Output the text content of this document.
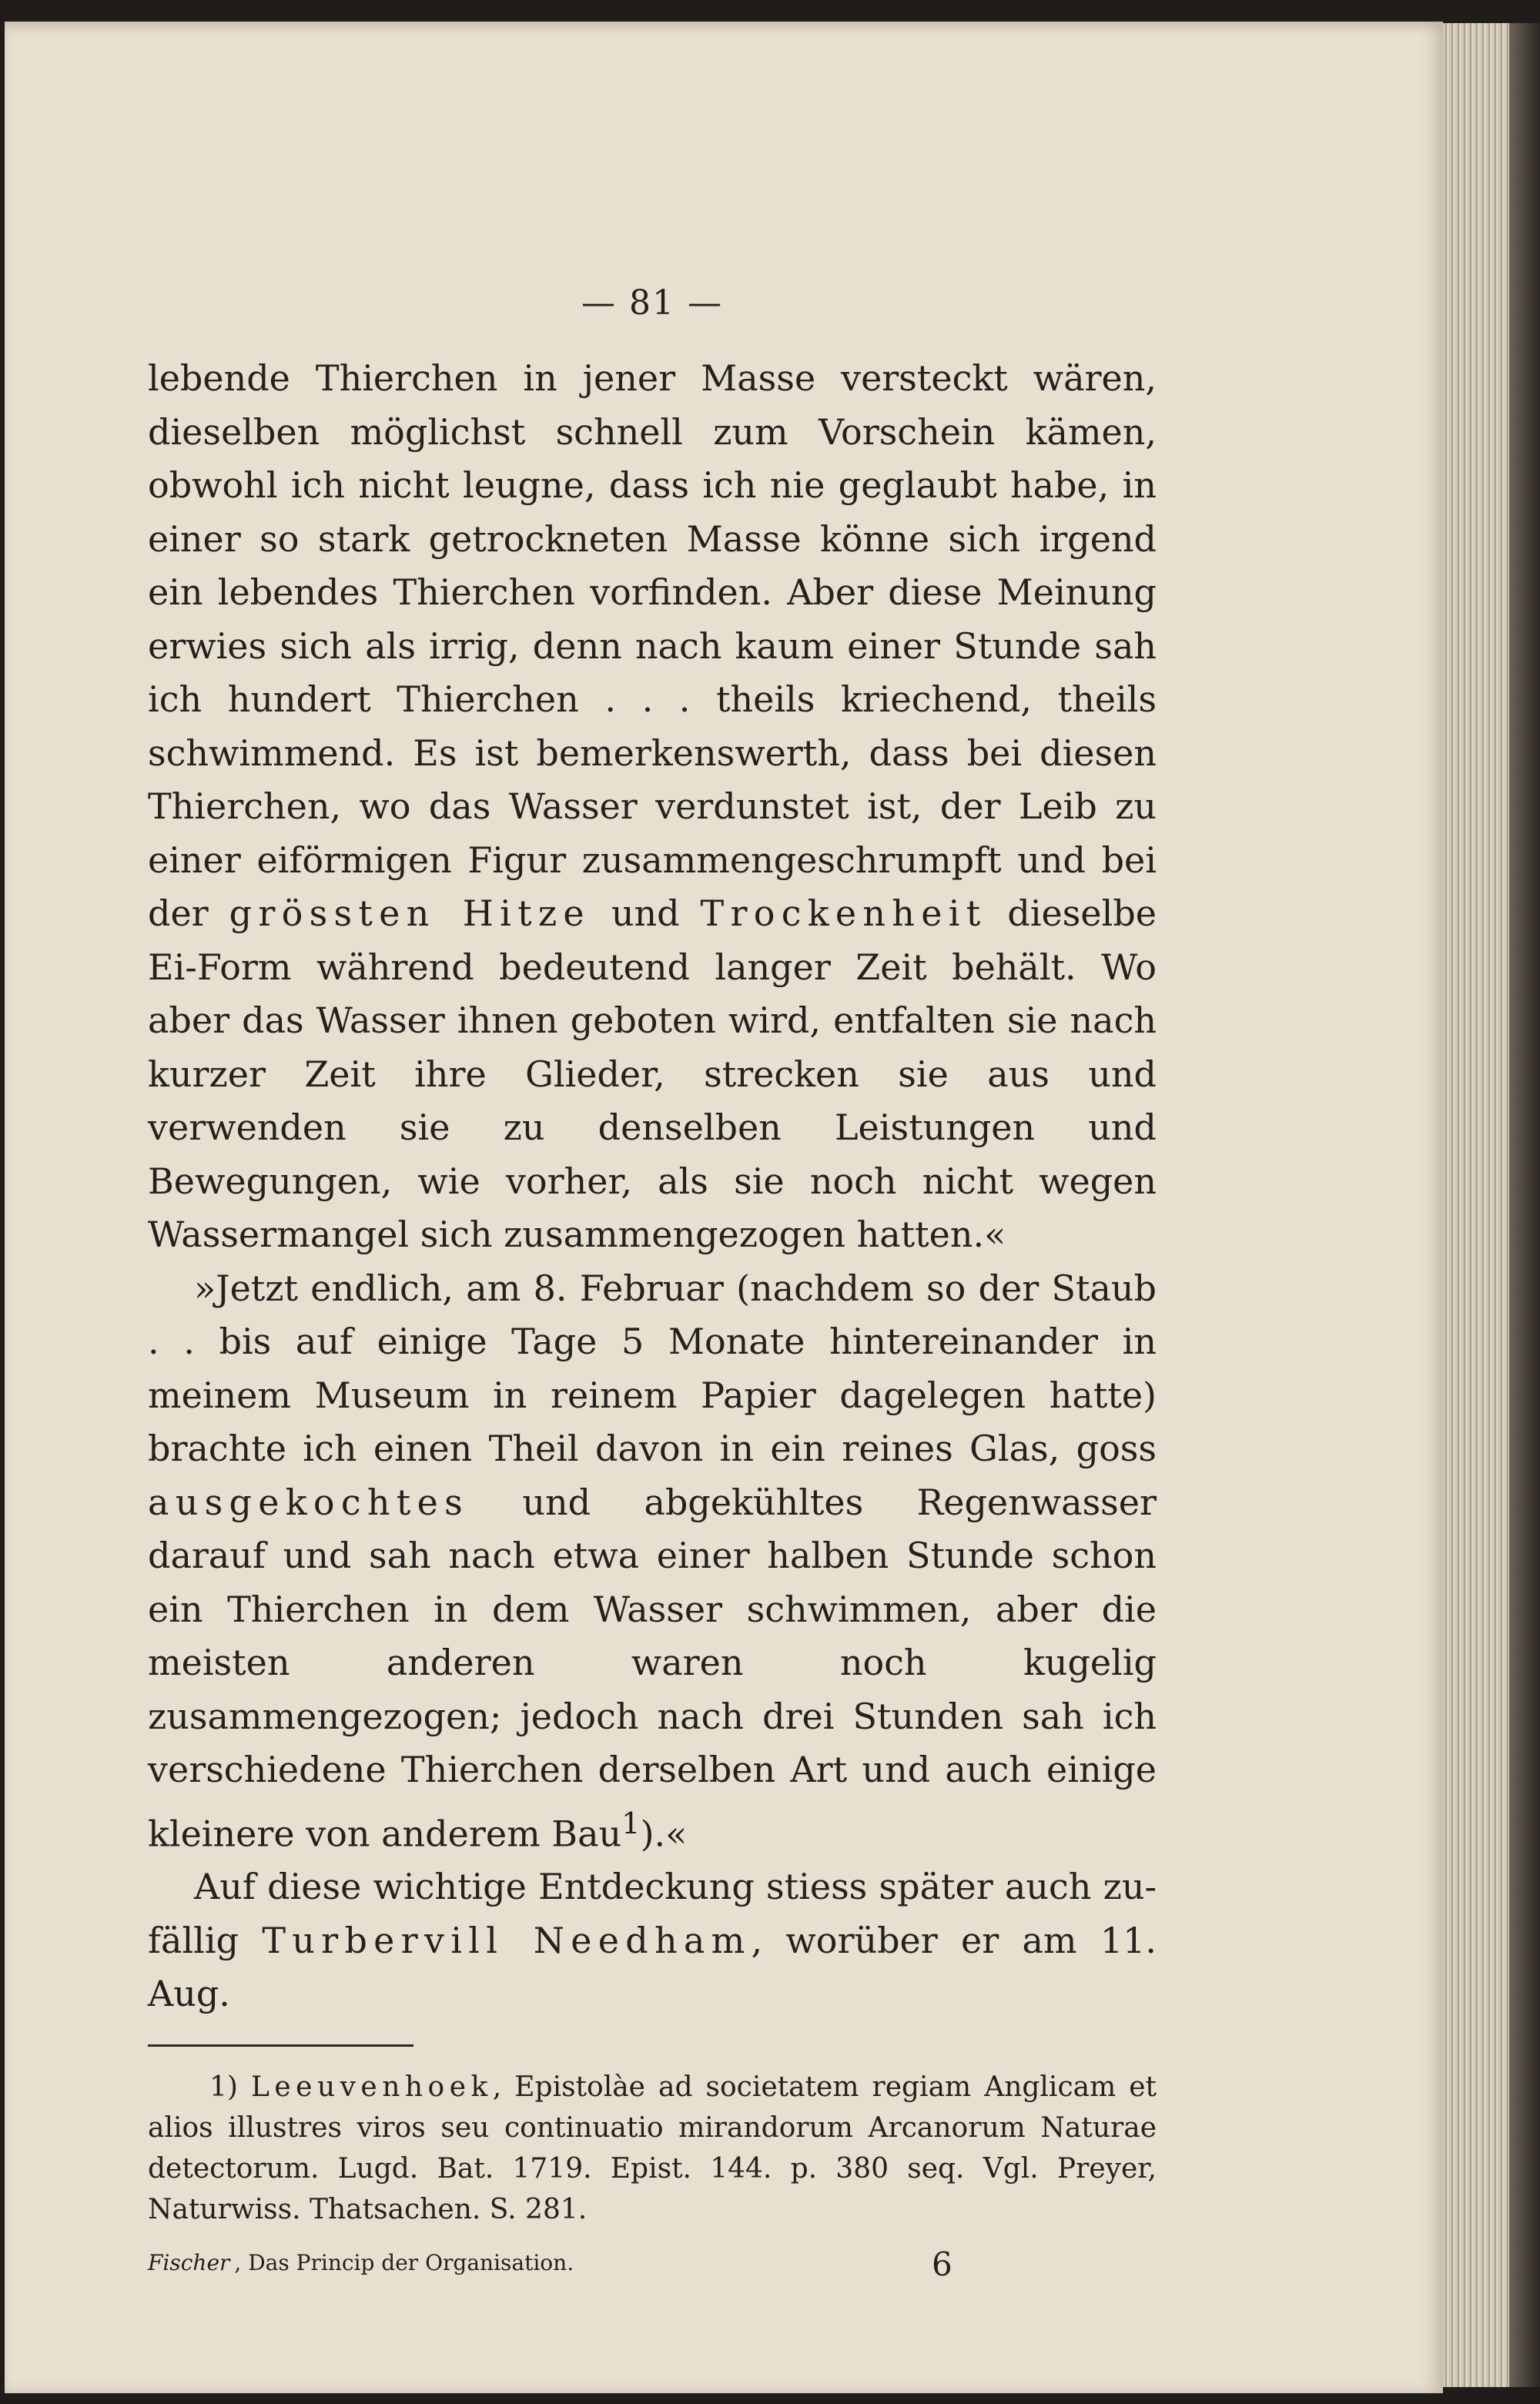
— 81 —

lebende Thierchen in jener Masse versteckt wären, dieselben möglichst schnell zum Vorschein kämen, obwohl ich nicht leugne, dass ich nie geglaubt habe, in einer so stark getrockneten Masse könne sich irgend ein lebendes Thierchen vorfinden. Aber diese Meinung erwies sich als irrig, denn nach kaum einer Stunde sah ich hundert Thierchen . . . theils kriechend, theils schwimmend. Es ist bemerkenswerth, dass bei diesen Thierchen, wo das Wasser verdunstet ist, der Leib zu einer eiförmigen Figur zusammengeschrumpft und bei der grössten Hitze und Trockenheit dieselbe Ei-Form während bedeutend langer Zeit behält. Wo aber das Wasser ihnen geboten wird, entfalten sie nach kurzer Zeit ihre Glieder, strecken sie aus und verwenden sie zu denselben Leistungen und Bewegungen, wie vorher, als sie noch nicht wegen Wassermangel sich zusammengezogen hatten.«

»Jetzt endlich, am 8. Februar (nachdem so der Staub . . bis auf einige Tage 5 Monate hintereinander in meinem Museum in reinem Papier dagelegen hatte) brachte ich einen Theil davon in ein reines Glas, goss ausgekochtes und abgekühltes Regenwasser darauf und sah nach etwa einer halben Stunde schon ein Thierchen in dem Wasser schwimmen, aber die meisten anderen waren noch kugelig zusammengezogen; jedoch nach drei Stunden sah ich verschiedene Thierchen derselben Art und auch einige kleinere von anderem Bau$^1$).«

Auf diese wichtige Entdeckung stiess später auch zufällig Turbervill Needham, worüber er am 11. Aug.

1) Leeuvenhoek, Epistolàe ad societatem regiam Anglicam et alios illustres viros seu continuatio mirandorum Arcanorum Naturae detectorum. Lugd. Bat. 1719. Epist. 144. p. 380 seq. Vgl. Preyer, Naturwiss. Thatsachen. S. 281.

Fischer , Das Princip der Organisation.	6
